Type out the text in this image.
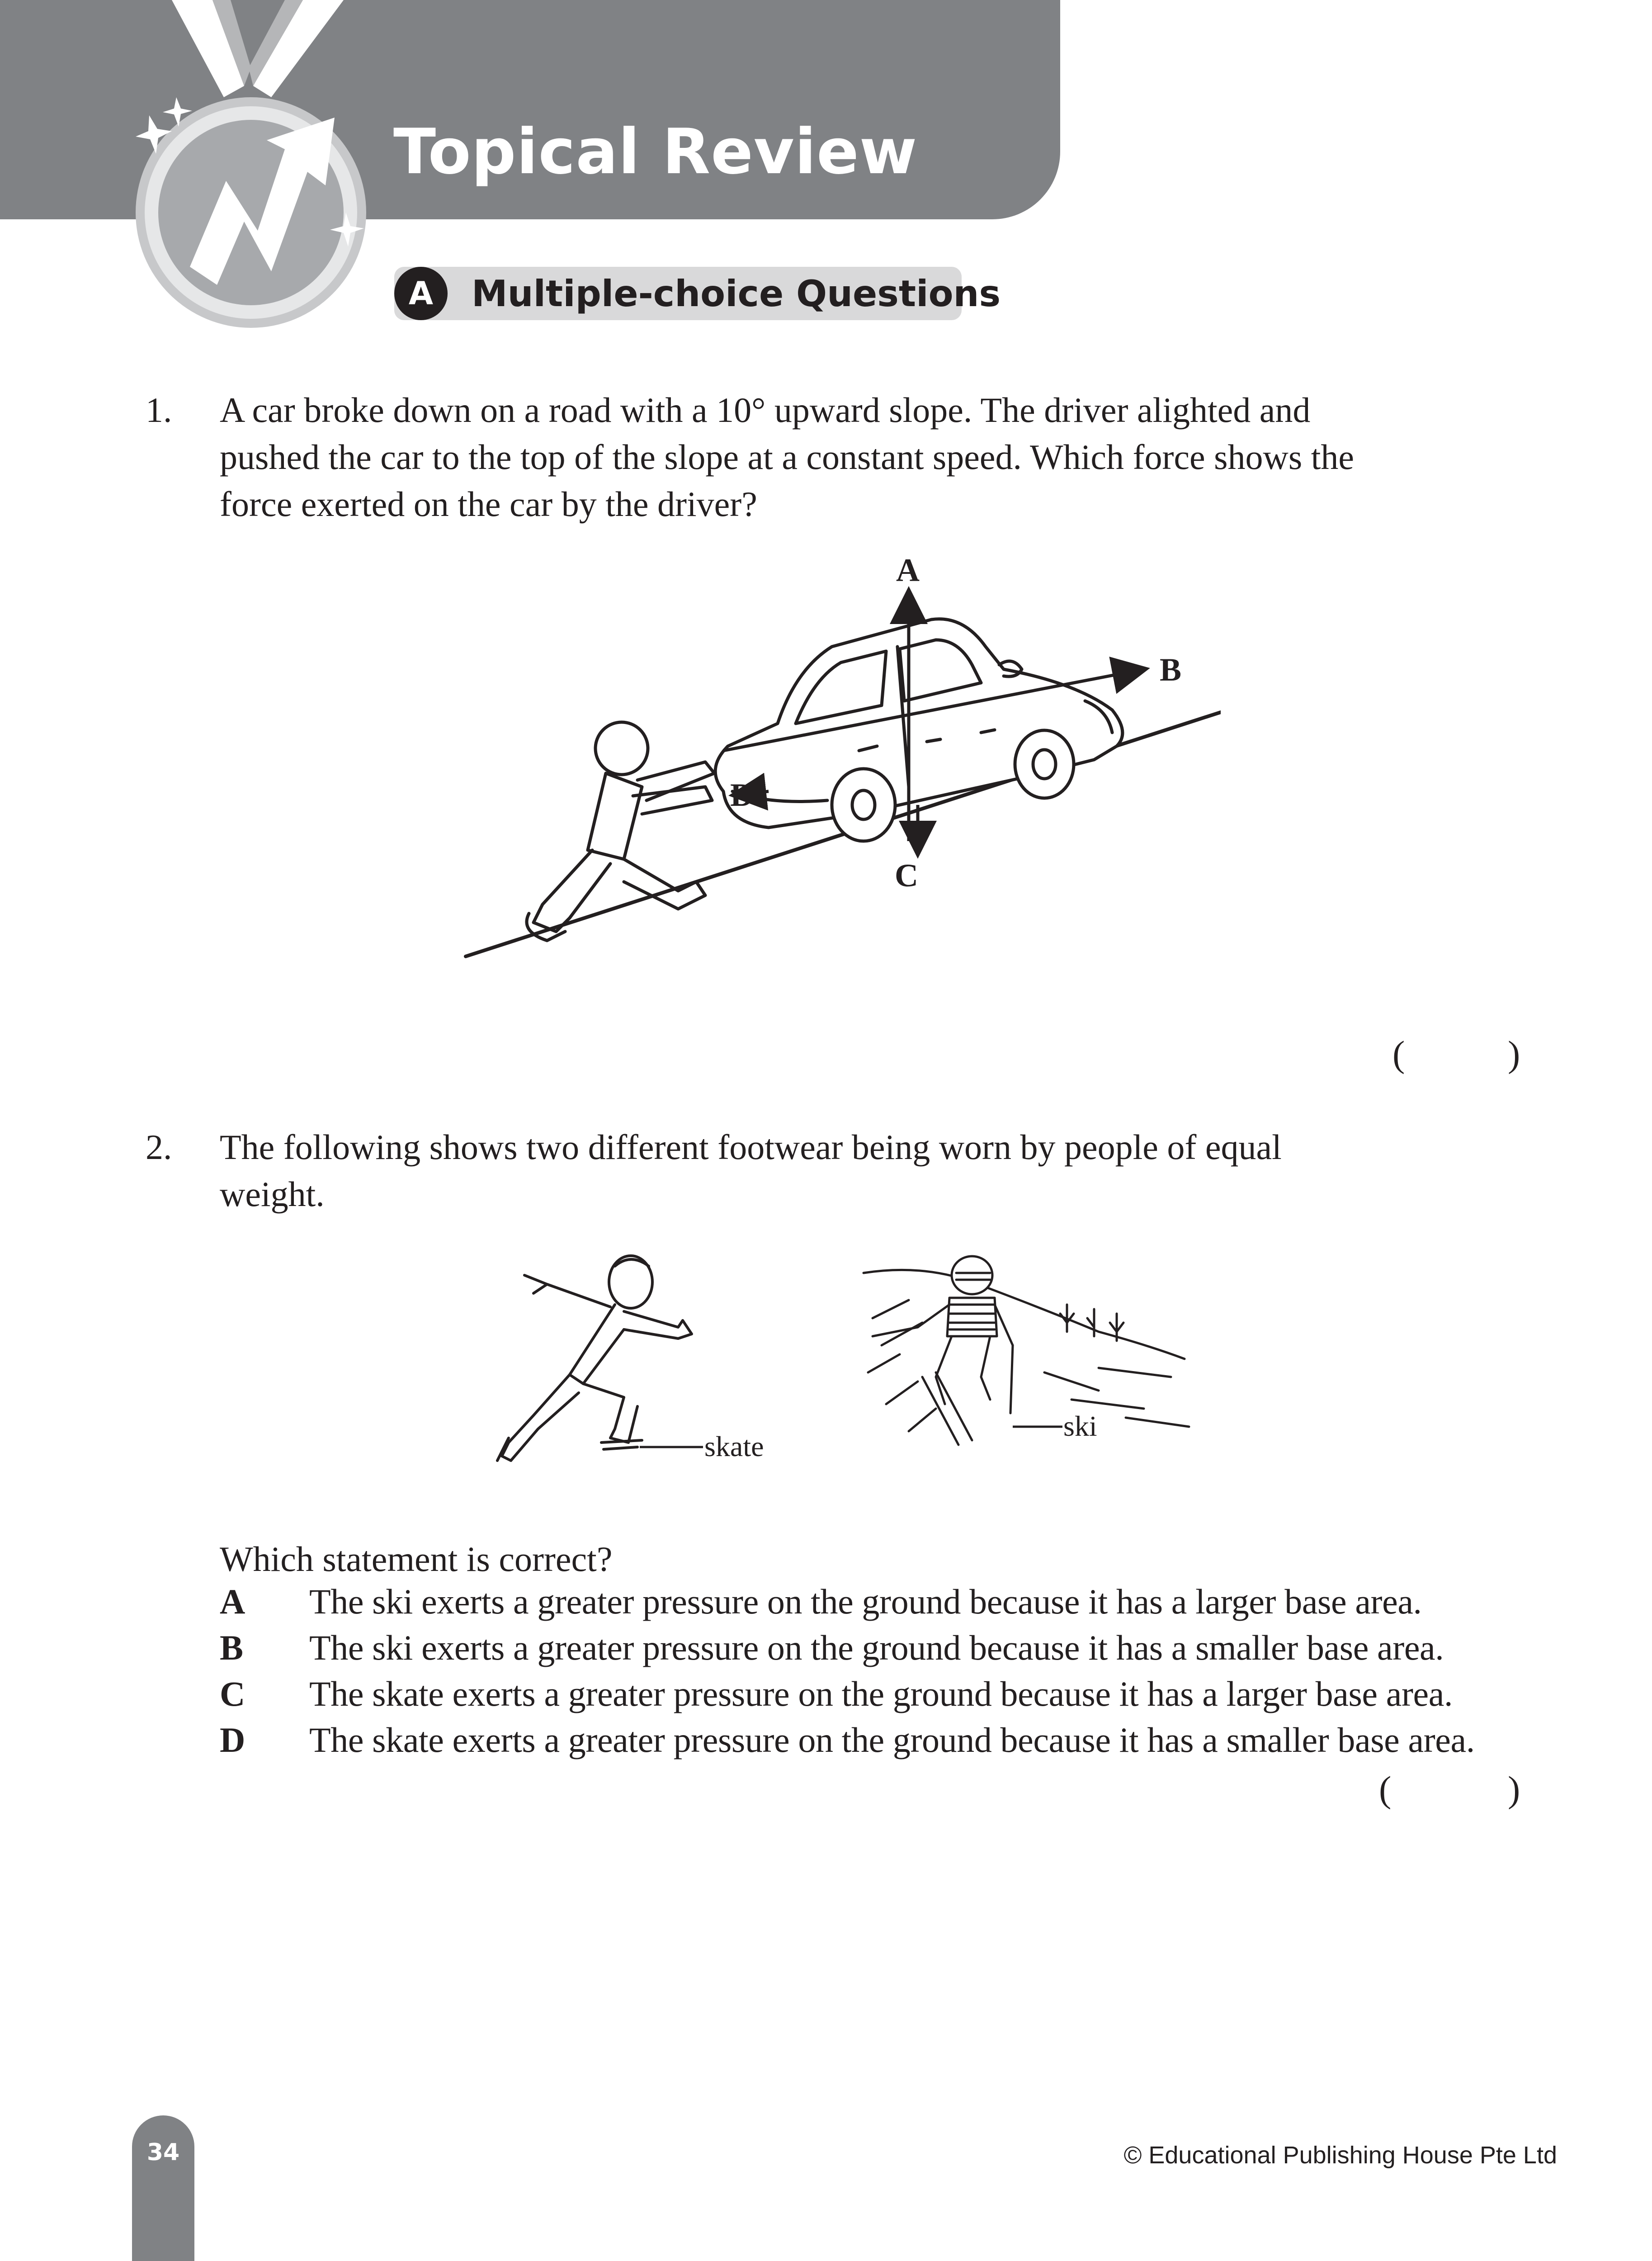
Topical Review
A	Multiple-choice Questions
1. A car broke down on a road with a 10° upward slope. The driver alighted and
pushed the car to the top of the slope at a constant speed. Which force shows the
force exerted on the car by the driver?
A
B
C
D
(	)
2. The following shows two different footwear being worn by people of equal
weight.
skate
ski
Which statement is correct?
A The ski exerts a greater pressure on the ground because it has a larger base area.
B The ski exerts a greater pressure on the ground because it has a smaller base area.
C The skate exerts a greater pressure on the ground because it has a larger base area.
D The skate exerts a greater pressure on the ground because it has a smaller base area.
(	)
34	© Educational Publishing House Pte Ltd
